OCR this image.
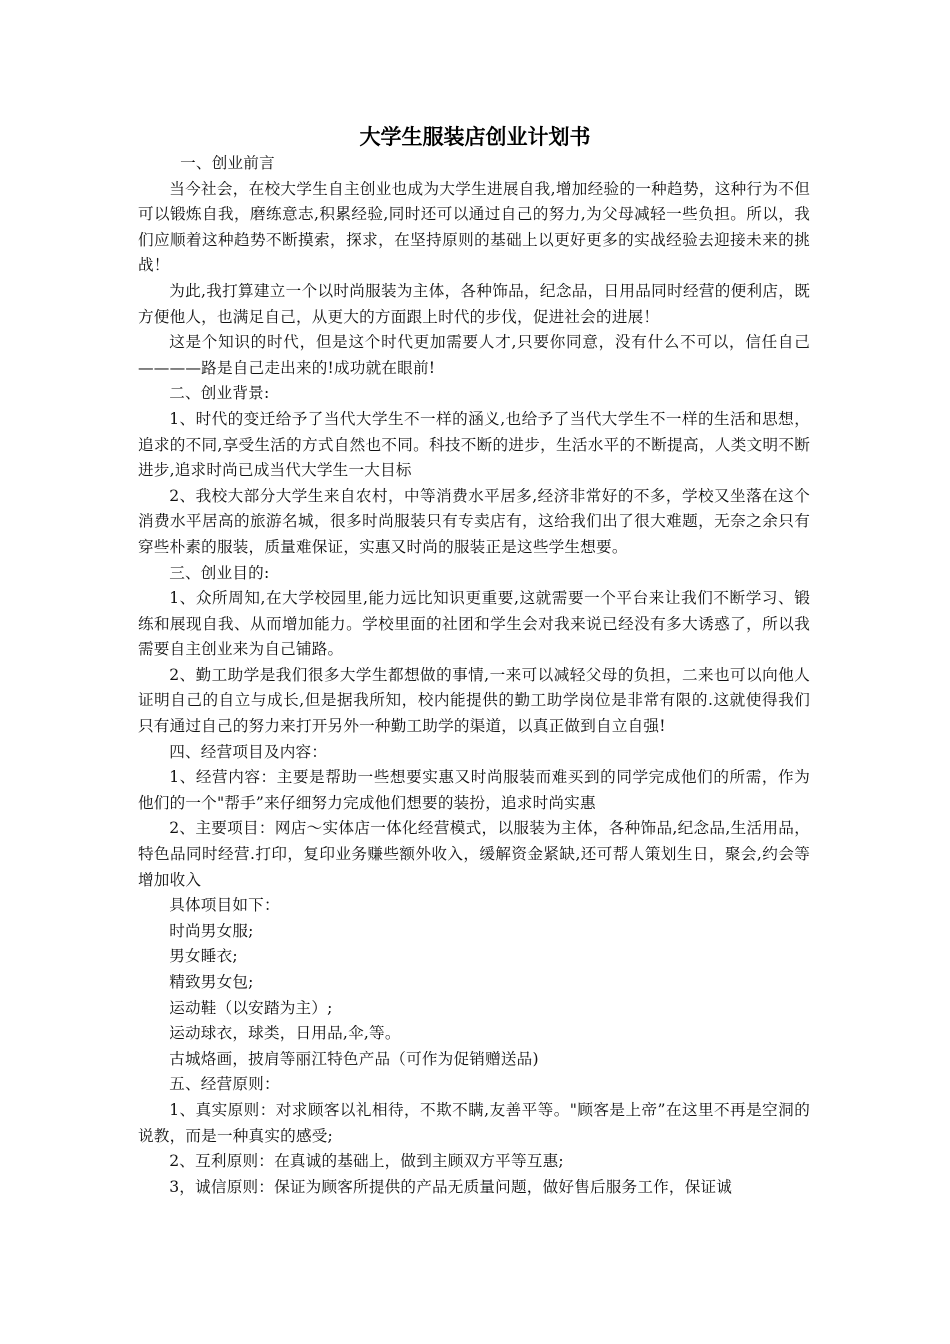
大学生服装店创业计划书

一、创业前言

当今社会，在校大学生自主创业也成为大学生进展自我,增加经验的一种趋势，这种行为不但可以锻炼自我，磨练意志,积累经验,同时还可以通过自己的努力,为父母减轻一些负担。所以，我们应顺着这种趋势不断摸索，探求，在坚持原则的基础上以更好更多的实战经验去迎接未来的挑战！

为此,我打算建立一个以时尚服装为主体，各种饰品，纪念品，日用品同时经营的便利店，既方便他人，也满足自己，从更大的方面跟上时代的步伐，促进社会的进展！

这是个知识的时代，但是这个时代更加需要人才,只要你同意，没有什么不可以，信任自己————路是自己走出来的!成功就在眼前!

二、创业背景:

1、时代的变迁给予了当代大学生不一样的涵义,也给予了当代大学生不一样的生活和思想，追求的不同,享受生活的方式自然也不同。科技不断的进步，生活水平的不断提高，人类文明不断进步,追求时尚已成当代大学生一大目标

2、我校大部分大学生来自农村，中等消费水平居多,经济非常好的不多，学校又坐落在这个消费水平居高的旅游名城，很多时尚服装只有专卖店有，这给我们出了很大难题，无奈之余只有穿些朴素的服装，质量难保证，实惠又时尚的服装正是这些学生想要。

三、创业目的:

1、众所周知,在大学校园里,能力远比知识更重要,这就需要一个平台来让我们不断学习、锻练和展现自我、从而增加能力。学校里面的社团和学生会对我来说已经没有多大诱惑了，所以我需要自主创业来为自己铺路。

2、勤工助学是我们很多大学生都想做的事情,一来可以减轻父母的负担，二来也可以向他人证明自己的自立与成长,但是据我所知，校内能提供的勤工助学岗位是非常有限的.这就使得我们只有通过自己的努力来打开另外一种勤工助学的渠道，以真正做到自立自强!

四、经营项目及内容：

1、经营内容：主要是帮助一些想要实惠又时尚服装而难买到的同学完成他们的所需，作为他们的一个"帮手”来仔细努力完成他们想要的装扮，追求时尚实惠

2、主要项目：网店～实体店一体化经营模式，以服装为主体，各种饰品,纪念品,生活用品，特色品同时经营.打印，复印业务赚些额外收入，缓解资金紧缺,还可帮人策划生日，聚会,约会等增加收入

具体项目如下：

时尚男女服;

男女睡衣;

精致男女包;

运动鞋（以安踏为主）;

运动球衣，球类，日用品,伞,等。

古城烙画，披肩等丽江特色产品（可作为促销赠送品)

五、经营原则：

1、真实原则：对求顾客以礼相待，不欺不瞒,友善平等。"顾客是上帝”在这里不再是空洞的说教，而是一种真实的感受;

2、互利原则：在真诚的基础上，做到主顾双方平等互惠;

3，诚信原则：保证为顾客所提供的产品无质量问题，做好售后服务工作，保证诚
